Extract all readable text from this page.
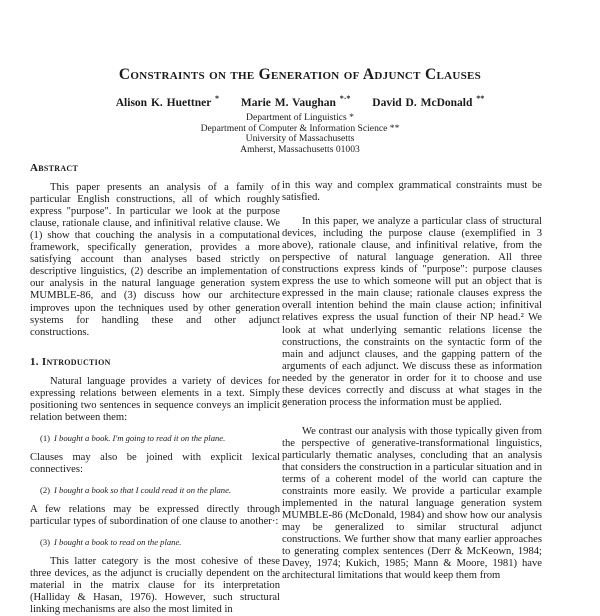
Constraints on the Generation of Adjunct Clauses
Alison K. Huettner * Marie M. Vaughan *·* David D. McDonald **
Department of Linguistics *
Department of Computer & Information Science **
University of Massachusetts
Amherst, Massachusetts 01003
Abstract

This paper presents an analysis of a family of particular English constructions, all of which roughly express "purpose". In particular we look at the purpose clause, rationale clause, and infinitival relative clause. We (1) show that couching the analysis in a computational framework, specifically generation, provides a more satisfying account than analyses based strictly on descriptive linguistics, (2) describe an implementation of our analysis in the natural language generation system MUMBLE-86, and (3) discuss how our architecture improves upon the techniques used by other generation systems for handling these and other adjunct constructions.

1. Introduction

Natural language provides a variety of devices for expressing relations between elements in a text. Simply positioning two sentences in sequence conveys an implicit relation between them:

(1) I bought a book. I'm going to read it on the plane.

Clauses may also be joined with explicit lexical connectives:

(2) I bought a book so that I could read it on the plane.

A few relations may be expressed directly through particular types of subordination of one clause to another·:

(3) I bought a book to read on the plane.

This latter category is the most cohesive of these three devices, as the adjunct is crucially dependent on the material in the matrix clause for its interpretation (Halliday & Hasan, 1976). However, such structural linking mechanisms are also the most limited in

in this way and complex grammatical constraints must be satisfied.

In this paper, we analyze a particular class of structural devices, including the purpose clause (exemplified in 3 above), rationale clause, and infinitival relative, from the perspective of natural language generation. All three constructions express kinds of "purpose": purpose clauses express the use to which someone will put an object that is expressed in the main clause; rationale clauses express the overall intention behind the main clause action; infinitival relatives express the usual function of their NP head.² We look at what underlying semantic relations license the constructions, the constraints on the syntactic form of the main and adjunct clauses, and the gapping pattern of the arguments of each adjunct. We discuss these as information needed by the generator in order for it to choose and use these devices correctly and discuss at what stages in the generation process the information must be applied.

We contrast our analysis with those typically given from the perspective of generative-transformational linguistics, particularly thematic analyses, concluding that an analysis that considers the construction in a particular situation and in terms of a coherent model of the world can capture the constraints more easily. We provide a particular example implemented in the natural language generation system MUMBLE-86 (McDonald, 1984) and show how our analysis may be generalized to similar structural adjunct constructions. We further show that many earlier approaches to generating complex sentences (Derr & McKeown, 1984; Davey, 1974; Kukich, 1985; Mann & Moore, 1981) have architectural limitations that would keep them from
